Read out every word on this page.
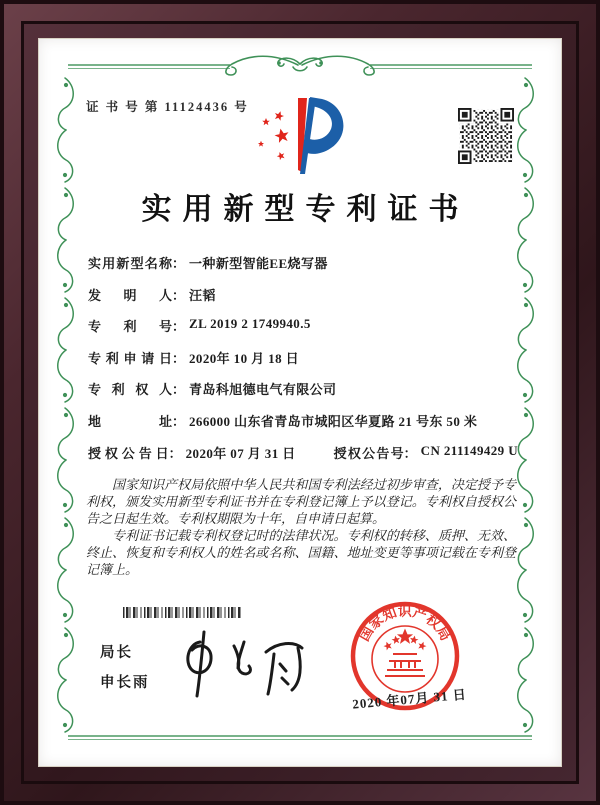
证 书 号 第 11124436 号
实用新型专利证书
实用新型名称 ： 一种新型智能EE烧写器
发明人 ： 汪韬
专利号 ： ZL 2019 2 1749940.5
专利申请日 ： 2020年 10 月 18 日
专利权人 ： 青岛科旭德电气有限公司
地址 ： 266000 山东省青岛市城阳区华夏路 21 号东 50 米
授权公告日 ： 2020年 07 月 31 日	授权公告号 ： CN 211149429 U

国家知识产权局依照中华人民共和国专利法经过初步审查，决定授予专利权，颁发实用新型专利证书并在专利登记簿上予以登记。专利权自授权公告之日起生效。专利权期限为十年，自申请日起算。

专利证书记载专利权登记时的法律状况。专利权的转移、质押、无效、终止、恢复和专利权人的姓名或名称、国籍、地址变更等事项记载在专利登记簿上。

局长
申长雨
国家知识产权局
2020 年07月 31 日
